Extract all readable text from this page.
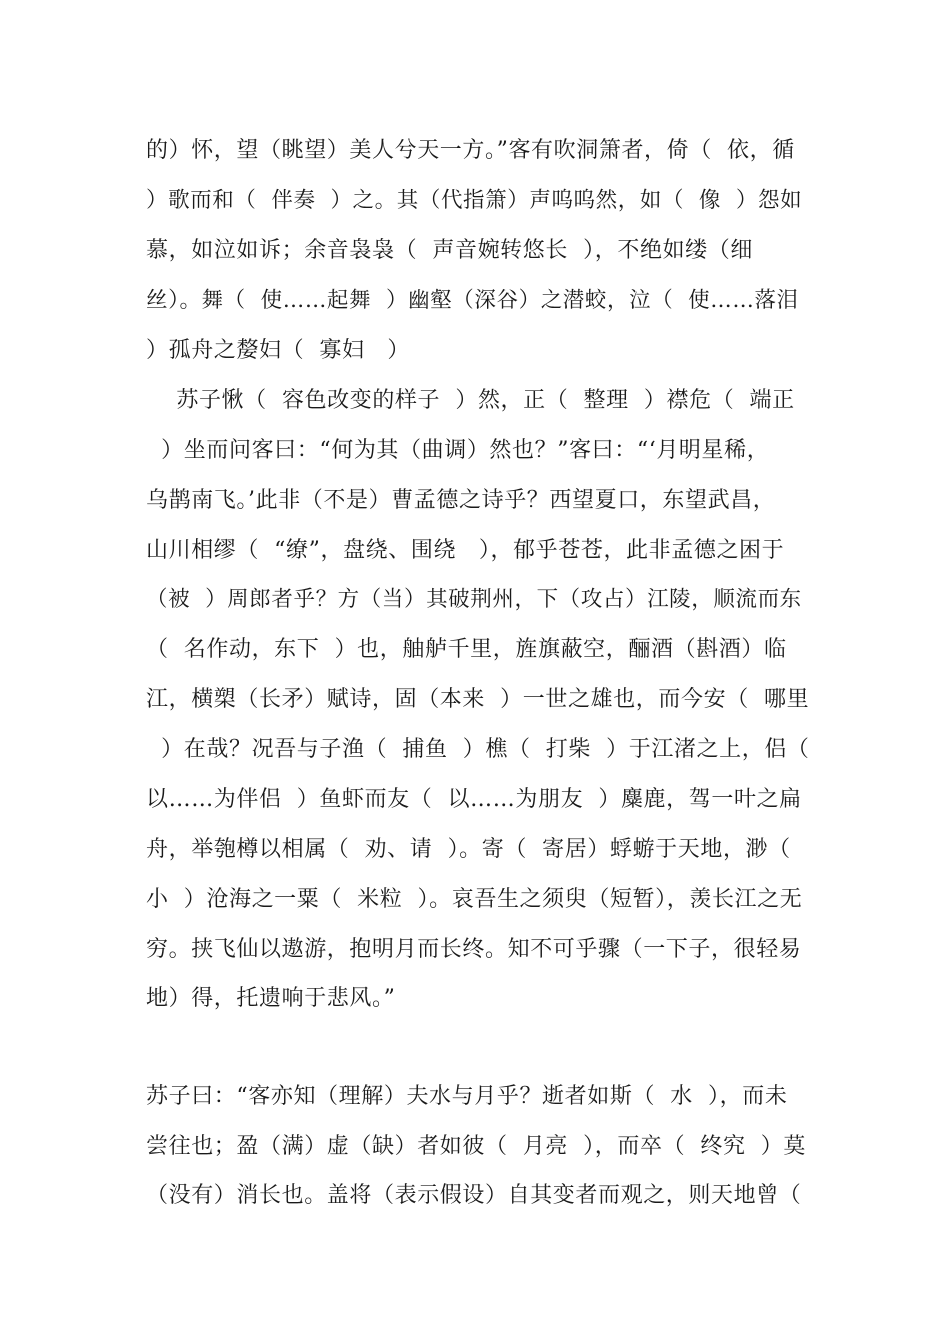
的）怀，望（眺望）美人兮天一方。”客有吹洞箫者，倚（  依，循
）歌而和（  伴奏  ）之。其（代指箫）声呜呜然，如（  像  ）怨如
慕，如泣如诉；余音袅袅（  声音婉转悠长  ），不绝如缕（细
丝）。舞（  使……起舞  ）幽壑（深谷）之潜蛟，泣（  使……落泪
）孤舟之嫠妇（  寡妇   ）
苏子愀（  容色改变的样子  ）然，正（  整理  ）襟危（  端正
）坐而问客曰：“何为其（曲调）然也？”客曰：“‘月明星稀，
乌鹊南飞。’此非（不是）曹孟德之诗乎？西望夏口，东望武昌，
山川相缪（  “缭”，盘绕、围绕   ），郁乎苍苍，此非孟德之困于
（被  ）周郎者乎？方（当）其破荆州，下（攻占）江陵，顺流而东
（  名作动，东下  ）也，舳舻千里，旌旗蔽空，酾酒（斟酒）临
江，横槊（长矛）赋诗，固（本来  ）一世之雄也，而今安（  哪里
）在哉？况吾与子渔（  捕鱼  ）樵（  打柴  ）于江渚之上，侣（
以……为伴侣  ）鱼虾而友（  以……为朋友  ）麋鹿，驾一叶之扁
舟，举匏樽以相属（  劝、请  ）。寄（  寄居）蜉蝣于天地，渺（
小  ）沧海之一粟（  米粒  ）。哀吾生之须臾（短暂），羡长江之无
穷。挟飞仙以遨游，抱明月而长终。知不可乎骤（一下子，很轻易
地）得，托遗响于悲风。”
苏子曰：“客亦知（理解）夫水与月乎？逝者如斯（  水  ），而未
尝往也；盈（满）虚（缺）者如彼（  月亮  ），而卒（  终究  ）莫
（没有）消长也。盖将（表示假设）自其变者而观之，则天地曾（
